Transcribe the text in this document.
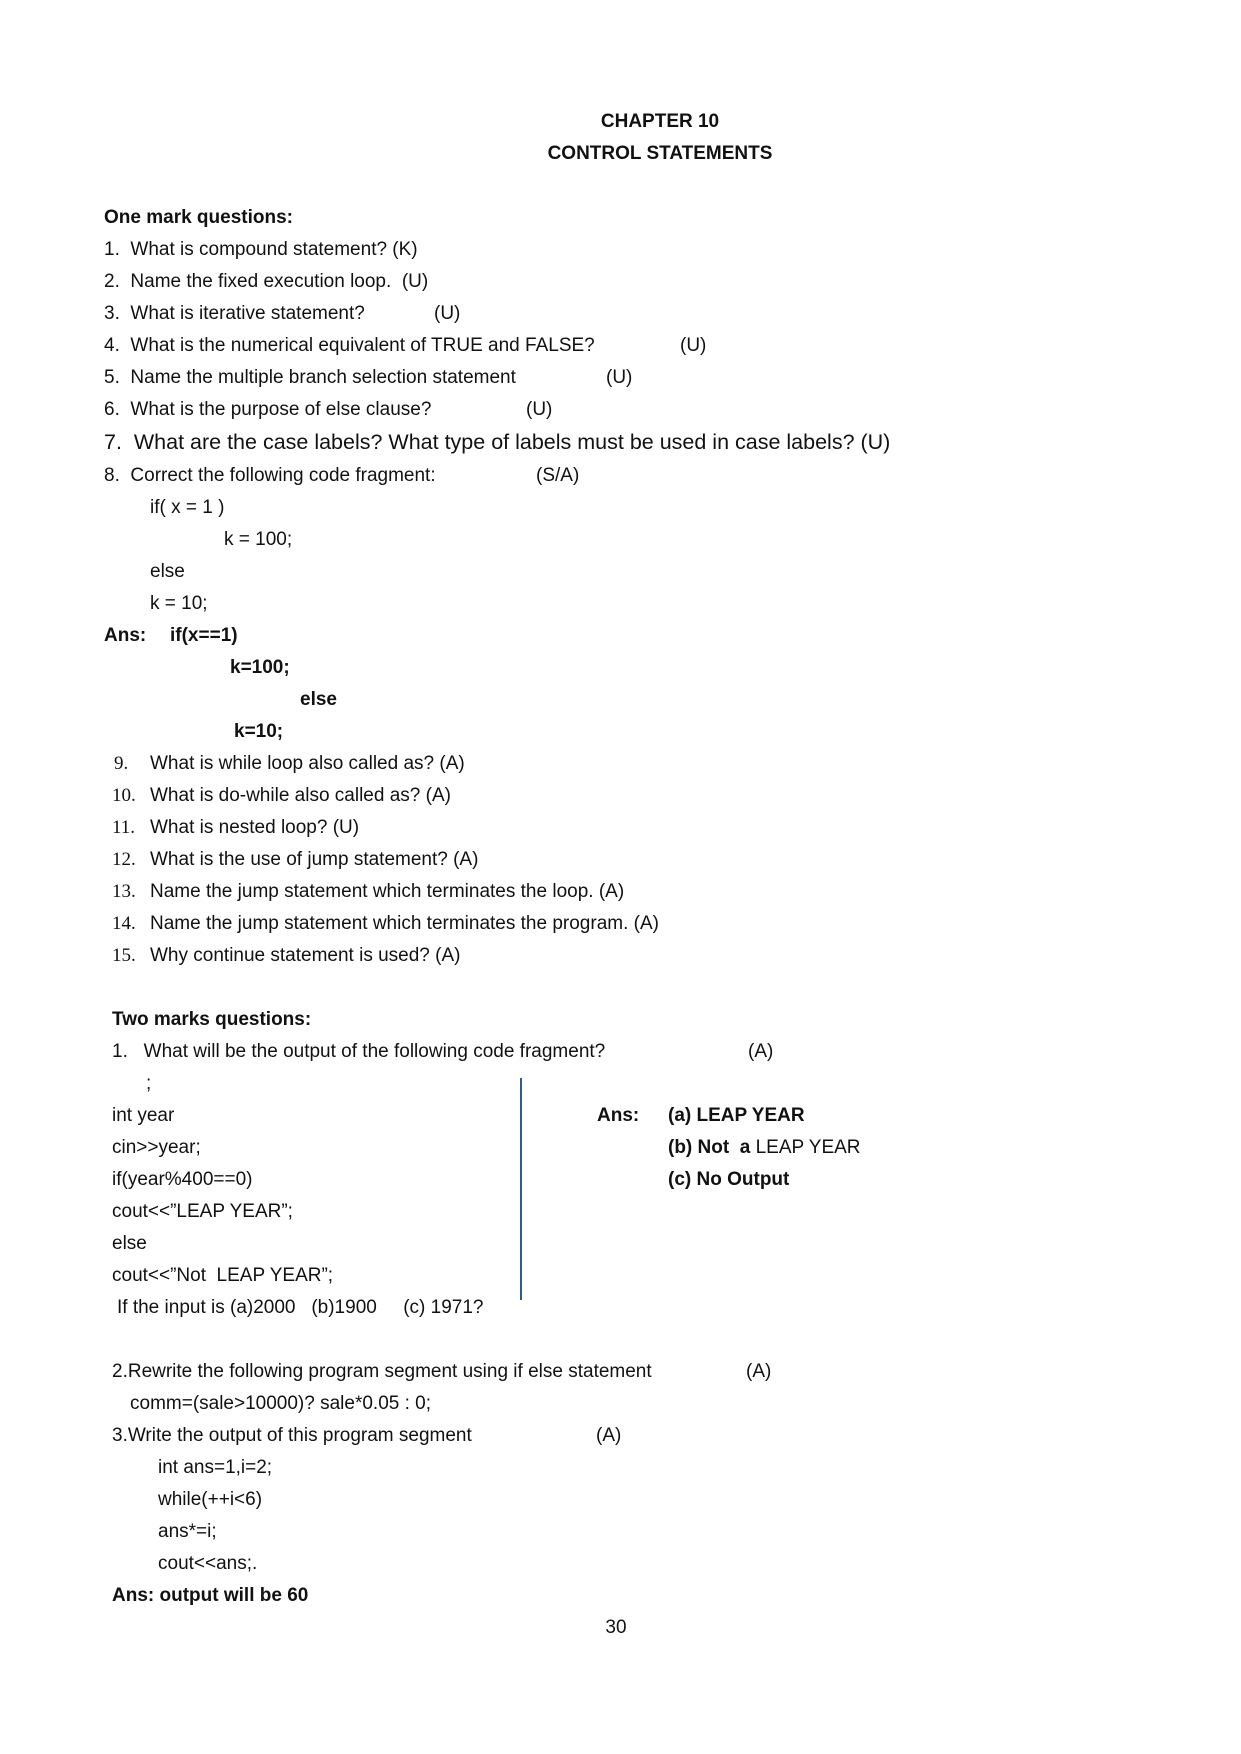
CHAPTER 10
CONTROL STATEMENTS
One mark questions:
1.  What is compound statement? (K)
2.  Name the fixed execution loop.  (U)
3.  What is iterative statement?	(U)
4.  What is the numerical equivalent of TRUE and FALSE?	(U)
5.  Name the multiple branch selection statement	(U)
6.  What is the purpose of else clause?	(U)
7.  What are the case labels? What type of labels must be used in case labels? (U)
8.  Correct the following code fragment:	(S/A)
if( x = 1 )
k = 100;
else
k = 10;
Ans: if(x==1)
k=100;
else
k=10;
9. What is while loop also called as? (A)
10. What is do-while also called as? (A)
11. What is nested loop? (U)
12. What is the use of jump statement? (A)
13. Name the jump statement which terminates the loop. (A)
14. Name the jump statement which terminates the program. (A)
15. Why continue statement is used? (A)
Two marks questions:
1.   What will be the output of the following code fragment?	(A)
;
int year
cin>>year;
if(year%400==0)
cout<<”LEAP YEAR”;
else
cout<<”Not  LEAP YEAR”;
If the input is (a)2000   (b)1900     (c) 1971?
Ans: (a) LEAP YEAR
(b) Not  a LEAP YEAR
(c) No Output
2.Rewrite the following program segment using if else statement	(A)
comm=(sale>10000)? sale*0.05 : 0;
3.Write the output of this program segment	(A)
int ans=1,i=2;
while(++i<6)
ans*=i;
cout<<ans;.
Ans: output will be 60
30
